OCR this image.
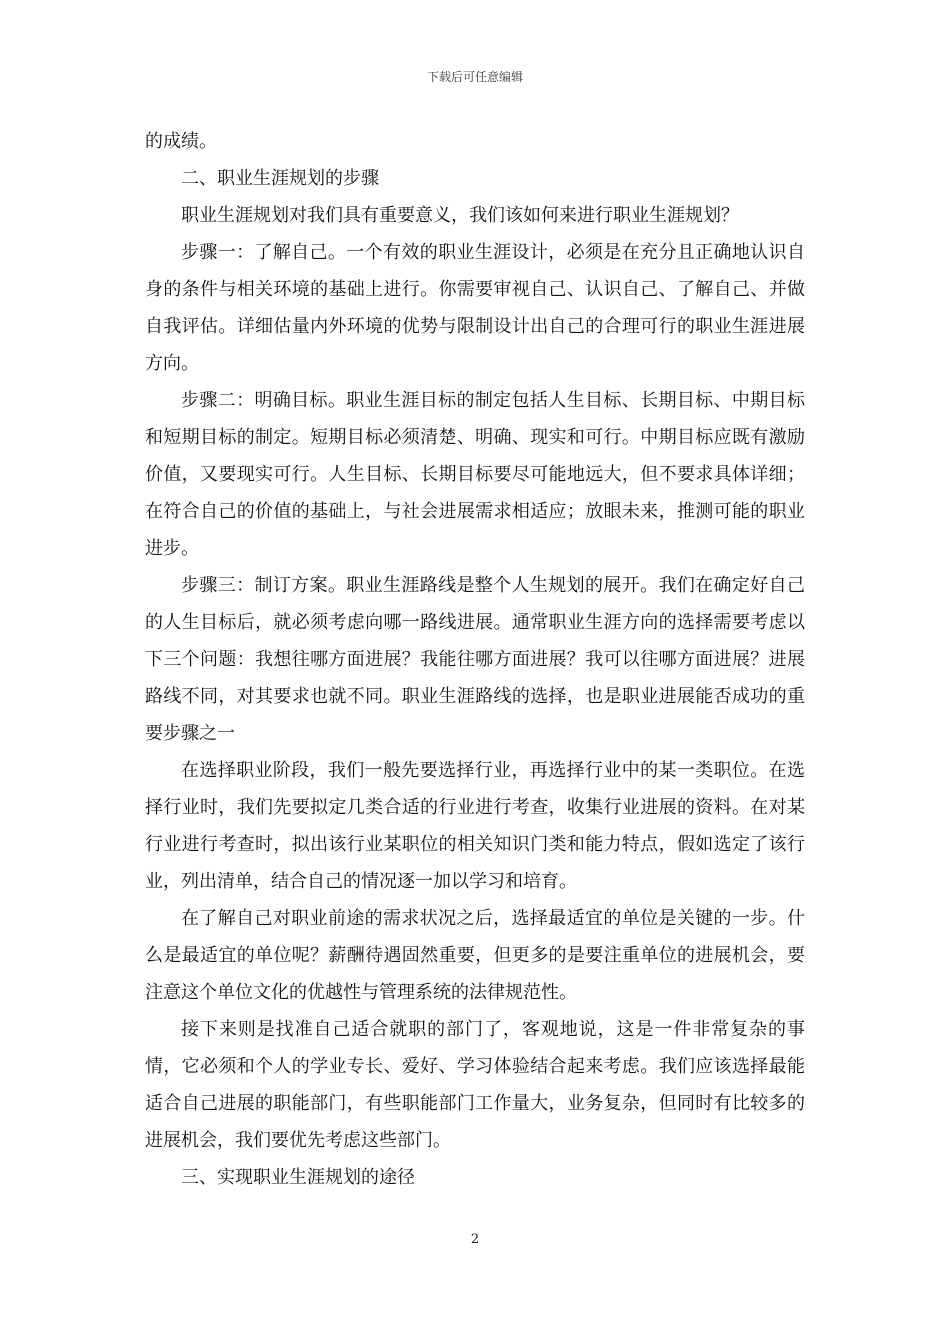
下载后可任意编辑

的成绩。

二、职业生涯规划的步骤

职业生涯规划对我们具有重要意义，我们该如何来进行职业生涯规划？

步骤一：了解自己。一个有效的职业生涯设计，必须是在充分且正确地认识自身的条件与相关环境的基础上进行。你需要审视自己、认识自己、了解自己、并做自我评估。详细估量内外环境的优势与限制设计出自己的合理可行的职业生涯进展方向。

步骤二：明确目标。职业生涯目标的制定包括人生目标、长期目标、中期目标和短期目标的制定。短期目标必须清楚、明确、现实和可行。中期目标应既有激励价值，又要现实可行。人生目标、长期目标要尽可能地远大，但不要求具体详细；在符合自己的价值的基础上，与社会进展需求相适应；放眼未来，推测可能的职业进步。

步骤三：制订方案。职业生涯路线是整个人生规划的展开。我们在确定好自己的人生目标后，就必须考虑向哪一路线进展。通常职业生涯方向的选择需要考虑以下三个问题：我想往哪方面进展？我能往哪方面进展？我可以往哪方面进展？进展路线不同，对其要求也就不同。职业生涯路线的选择，也是职业进展能否成功的重要步骤之一

在选择职业阶段，我们一般先要选择行业，再选择行业中的某一类职位。在选择行业时，我们先要拟定几类合适的行业进行考查，收集行业进展的资料。在对某行业进行考查时，拟出该行业某职位的相关知识门类和能力特点，假如选定了该行业，列出清单，结合自己的情况逐一加以学习和培育。

在了解自己对职业前途的需求状况之后，选择最适宜的单位是关键的一步。什么是最适宜的单位呢？薪酬待遇固然重要，但更多的是要注重单位的进展机会，要注意这个单位文化的优越性与管理系统的法律规范性。

接下来则是找准自己适合就职的部门了，客观地说，这是一件非常复杂的事情，它必须和个人的学业专长、爱好、学习体验结合起来考虑。我们应该选择最能适合自己进展的职能部门，有些职能部门工作量大，业务复杂，但同时有比较多的进展机会，我们要优先考虑这些部门。

三、实现职业生涯规划的途径

2
